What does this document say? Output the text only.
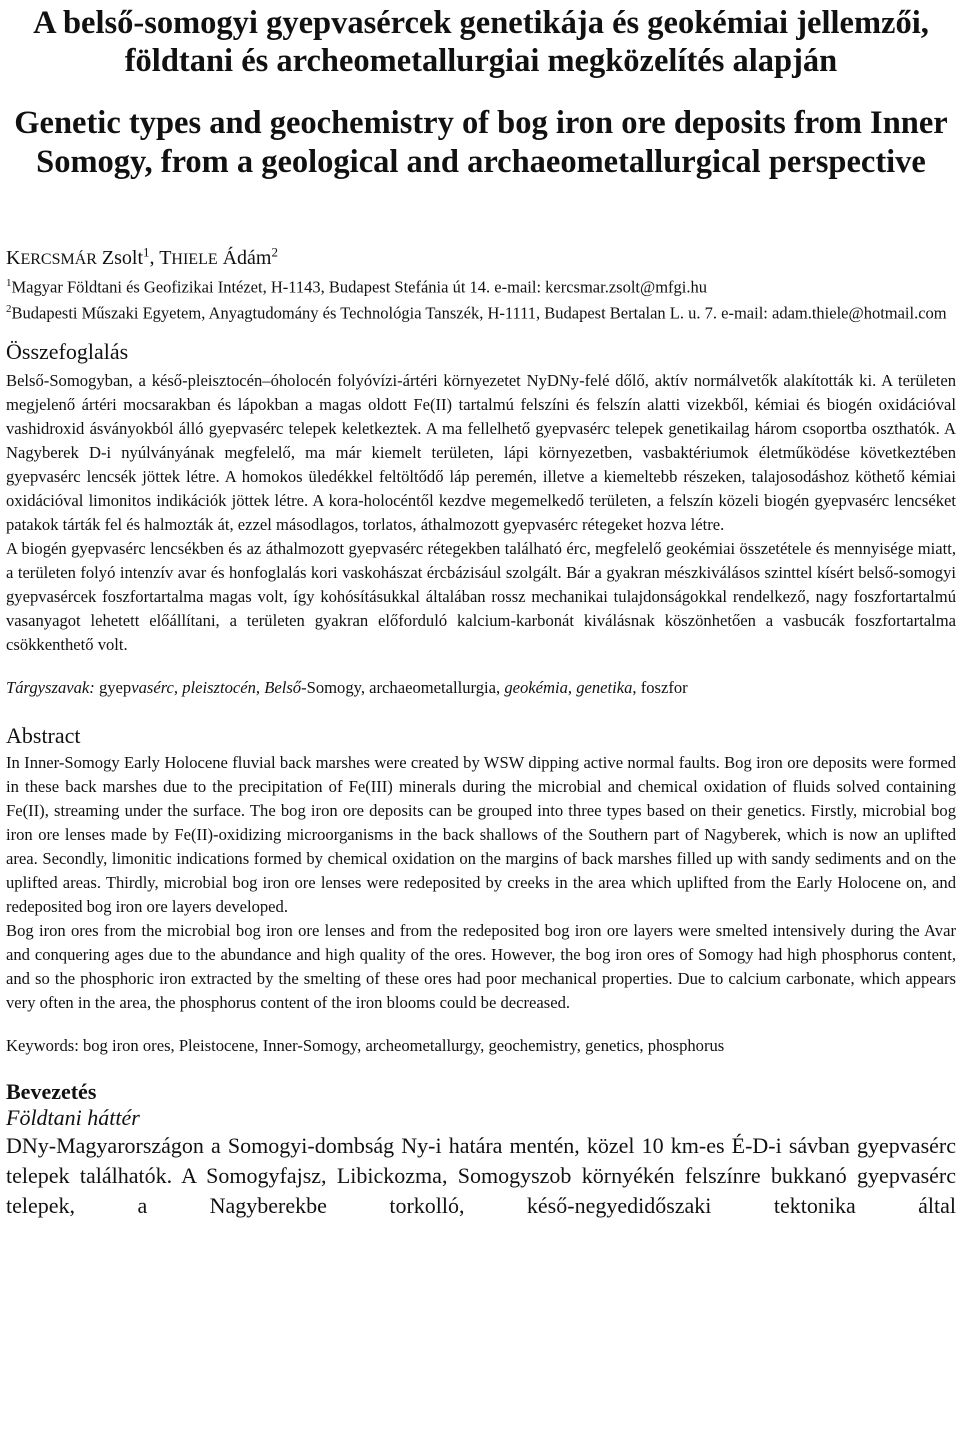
A belső-somogyi gyepvasércek genetikája és geokémiai jellemzői, földtani és archeometallurgiai megközelítés alapján
Genetic types and geochemistry of bog iron ore deposits from Inner Somogy, from a geological and archaeometallurgical perspective
KERCSMÁR Zsolt$^1$, THIELE Ádám$^2$
$^1$Magyar Földtani és Geofizikai Intézet, H-1143, Budapest Stefánia út 14. e-mail: kercsmar.zsolt@mfgi.hu
$^2$Budapesti Műszaki Egyetem, Anyagtudomány és Technológia Tanszék, H-1111, Budapest Bertalan L. u. 7. e-mail: adam.thiele@hotmail.com
Összefoglalás

Belső-Somogyban, a késő-pleisztocén–óholocén folyóvízi-ártéri környezetet NyDNy-felé dőlő, aktív normálvetők alakították ki. A területen megjelenő ártéri mocsarakban és lápokban a magas oldott Fe(II) tartalmú felszíni és felszín alatti vizekből, kémiai és biogén oxidációval vashidroxid ásványokból álló gyepvasérc telepek keletkeztek. A ma fellelhető gyepvasérc telepek genetikailag három csoportba oszthatók. A Nagyberek D-i nyúlványának megfelelő, ma már kiemelt területen, lápi környezetben, vasbaktériumok életműködése következtében gyepvasérc lencsék jöttek létre. A homokos üledékkel feltöltődő láp peremén, illetve a kiemeltebb részeken, talajosodáshoz köthető kémiai oxidációval limonitos indikációk jöttek létre. A kora-holocéntől kezdve megemelkedő területen, a felszín közeli biogén gyepvasérc lencséket patakok tárták fel és halmozták át, ezzel másodlagos, torlatos, áthalmozott gyepvasérc rétegeket hozva létre.

A biogén gyepvasérc lencsékben és az áthalmozott gyepvasérc rétegekben található érc, megfelelő geokémiai összetétele és mennyisége miatt, a területen folyó intenzív avar és honfoglalás kori vaskohászat ércbázisául szolgált. Bár a gyakran mészkiválásos szinttel kísért belső-somogyi gyepvasércek foszfortartalma magas volt, így kohósításukkal általában rossz mechanikai tulajdonságokkal rendelkező, nagy foszfortartalmú vasanyagot lehetett előállítani, a területen gyakran előforduló kalcium-karbonát kiválásnak köszönhetően a vasbucák foszfortartalma csökkenthető volt.

Tárgyszavak: gyepvasérc, pleisztocén, Belső-Somogy, archaeometallurgia, geokémia, genetika, foszfor
Abstract

In Inner-Somogy Early Holocene fluvial back marshes were created by WSW dipping active normal faults. Bog iron ore deposits were formed in these back marshes due to the precipitation of Fe(III) minerals during the microbial and chemical oxidation of fluids solved containing Fe(II), streaming under the surface. The bog iron ore deposits can be grouped into three types based on their genetics. Firstly, microbial bog iron ore lenses made by Fe(II)-oxidizing microorganisms in the back shallows of the Southern part of Nagyberek, which is now an uplifted area. Secondly, limonitic indications formed by chemical oxidation on the margins of back marshes filled up with sandy sediments and on the uplifted areas. Thirdly, microbial bog iron ore lenses were redeposited by creeks in the area which uplifted from the Early Holocene on, and redeposited bog iron ore layers developed.

Bog iron ores from the microbial bog iron ore lenses and from the redeposited bog iron ore layers were smelted intensively during the Avar and conquering ages due to the abundance and high quality of the ores. However, the bog iron ores of Somogy had high phosphorus content, and so the phosphoric iron extracted by the smelting of these ores had poor mechanical properties. Due to calcium carbonate, which appears very often in the area, the phosphorus content of the iron blooms could be decreased.

Keywords: bog iron ores, Pleistocene, Inner-Somogy, archeometallurgy, geochemistry, genetics, phosphorus
Bevezetés
Földtani háttér

DNy-Magyarországon a Somogyi-dombság Ny-i határa mentén, közel 10 km-es É-D-i sávban gyepvasérc telepek találhatók. A Somogyfajsz, Libickozma, Somogyszob környékén felszínre bukkanó gyepvasérc telepek, a Nagyberekbe torkolló, késő-negyedidőszaki tektonika által
